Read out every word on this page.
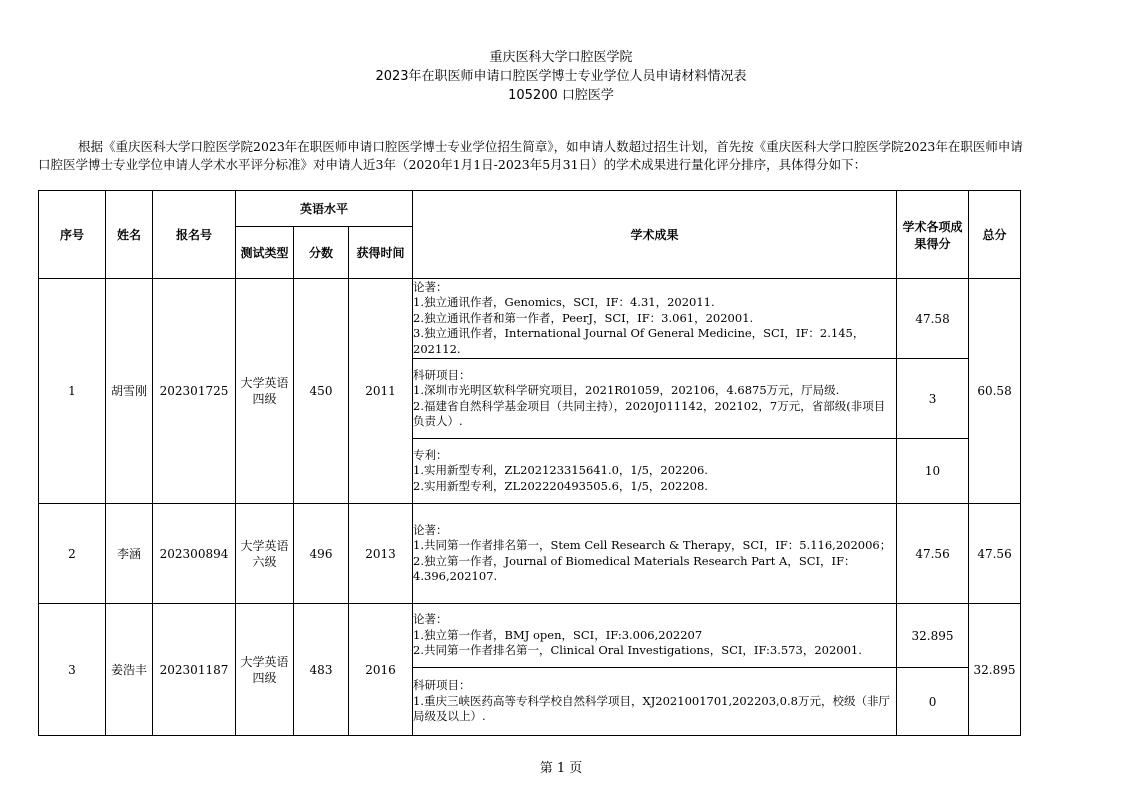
重庆医科大学口腔医学院
2023年在职医师申请口腔医学博士专业学位人员申请材料情况表
105200 口腔医学

根据《重庆医科大学口腔医学院2023年在职医师申请口腔医学博士专业学位招生简章》，如申请人数超过招生计划，首先按《重庆医科大学口腔医学院2023年在职医师申请口腔医学博士专业学位申请人学术水平评分标准》对申请人近3年（2020年1月1日-2023年5月31日）的学术成果进行量化评分排序，具体得分如下：

序号	姓名	报名号	英语水平			学术成果	学术各项成果得分	总分
			测试类型	分数	获得时间			
1	胡雪刚	202301725	大学英语四级	450	2011	论著：
1.独立通讯作者，Genomics，SCI，IF：4.31，202011.
2.独立通讯作者和第一作者，PeerJ，SCI，IF：3.061，202001.
3.独立通讯作者，International Journal Of General Medicine，SCI，IF：2.145，202112.	47.58	60.58

						科研项目：
1.深圳市光明区软科学研究项目，2021R01059，202106，4.6875万元，厅局级.
2.福建省自然科学基金项目（共同主持），2020J011142，202102，7万元，省部级(非项目负责人）.	3	

						专利：
1.实用新型专利，ZL202123315641.0，1/5，202206.
2.实用新型专利，ZL202220493505.6，1/5，202208.	10	
2	李涵	202300894	大学英语六级	496	2013	论著：
1.共同第一作者排名第一，Stem Cell Research & Therapy，SCI，IF：5.116,202006；
2.独立第一作者，Journal of Biomedical Materials Research Part A，SCI，IF：4.396,202107.	47.56	47.56
3	姜浩丰	202301187	大学英语四级	483	2016	论著：
1.独立第一作者，BMJ open，SCI，IF:3.006,202207
2.共同第一作者排名第一，Clinical Oral Investigations，SCI，IF:3.573，202001.	32.895	32.895

						科研项目：
1.重庆三峡医药高等专科学校自然科学项目，XJ2021001701,202203,0.8万元，校级（非厅局级及以上）.	0	
第 1 页
